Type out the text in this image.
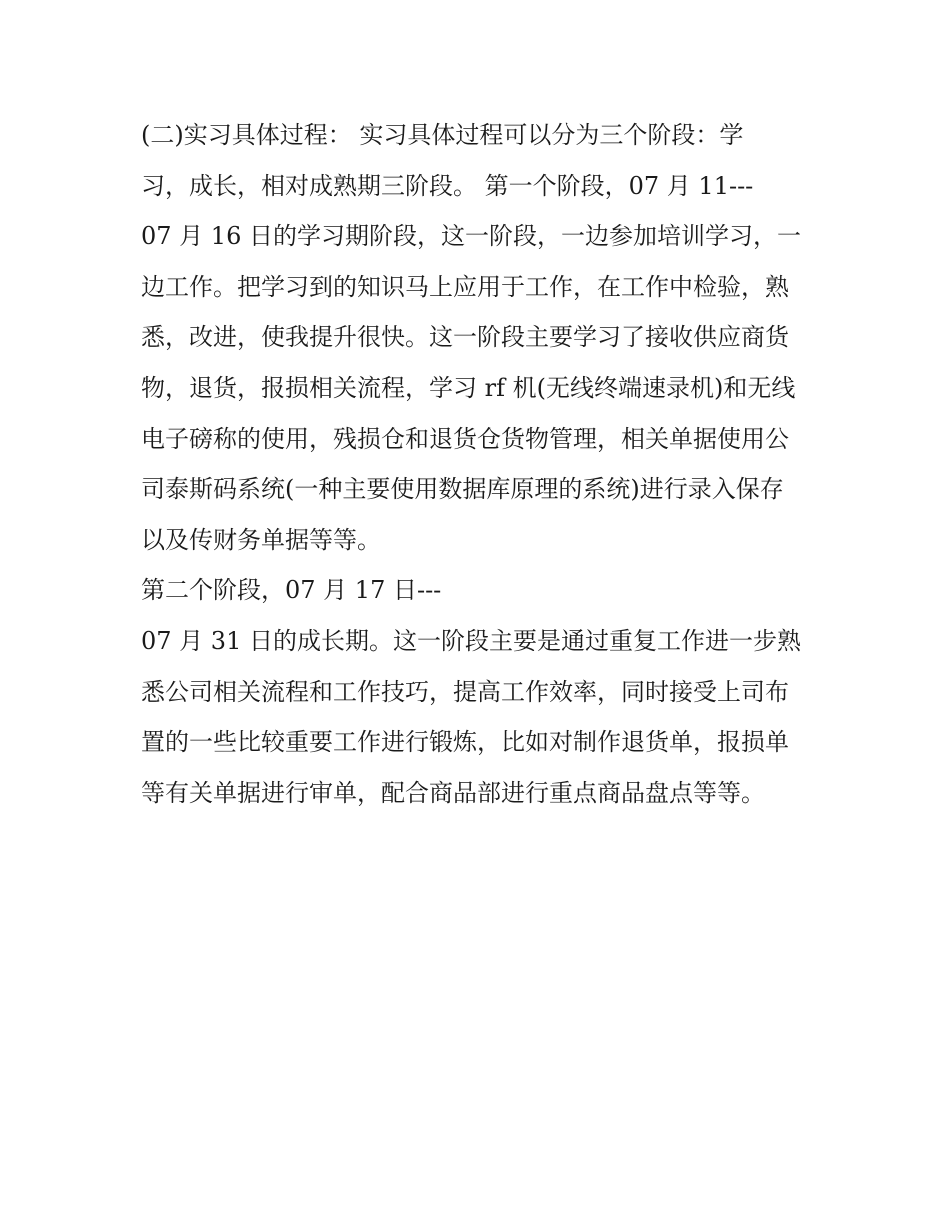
(二)实习具体过程： 实习具体过程可以分为三个阶段：学
习，成长，相对成熟期三阶段。 第一个阶段，07 月 11---
07 月 16 日的学习期阶段，这一阶段，一边参加培训学习，一
边工作。把学习到的知识马上应用于工作，在工作中检验，熟
悉，改进，使我提升很快。这一阶段主要学习了接收供应商货
物，退货，报损相关流程，学习 rf 机(无线终端速录机)和无线
电子磅称的使用，残损仓和退货仓货物管理，相关单据使用公
司泰斯码系统(一种主要使用数据库原理的系统)进行录入保存
以及传财务单据等等。
第二个阶段，07 月 17 日---
07 月 31 日的成长期。这一阶段主要是通过重复工作进一步熟
悉公司相关流程和工作技巧，提高工作效率，同时接受上司布
置的一些比较重要工作进行锻炼，比如对制作退货单，报损单
等有关单据进行审单，配合商品部进行重点商品盘点等等。
